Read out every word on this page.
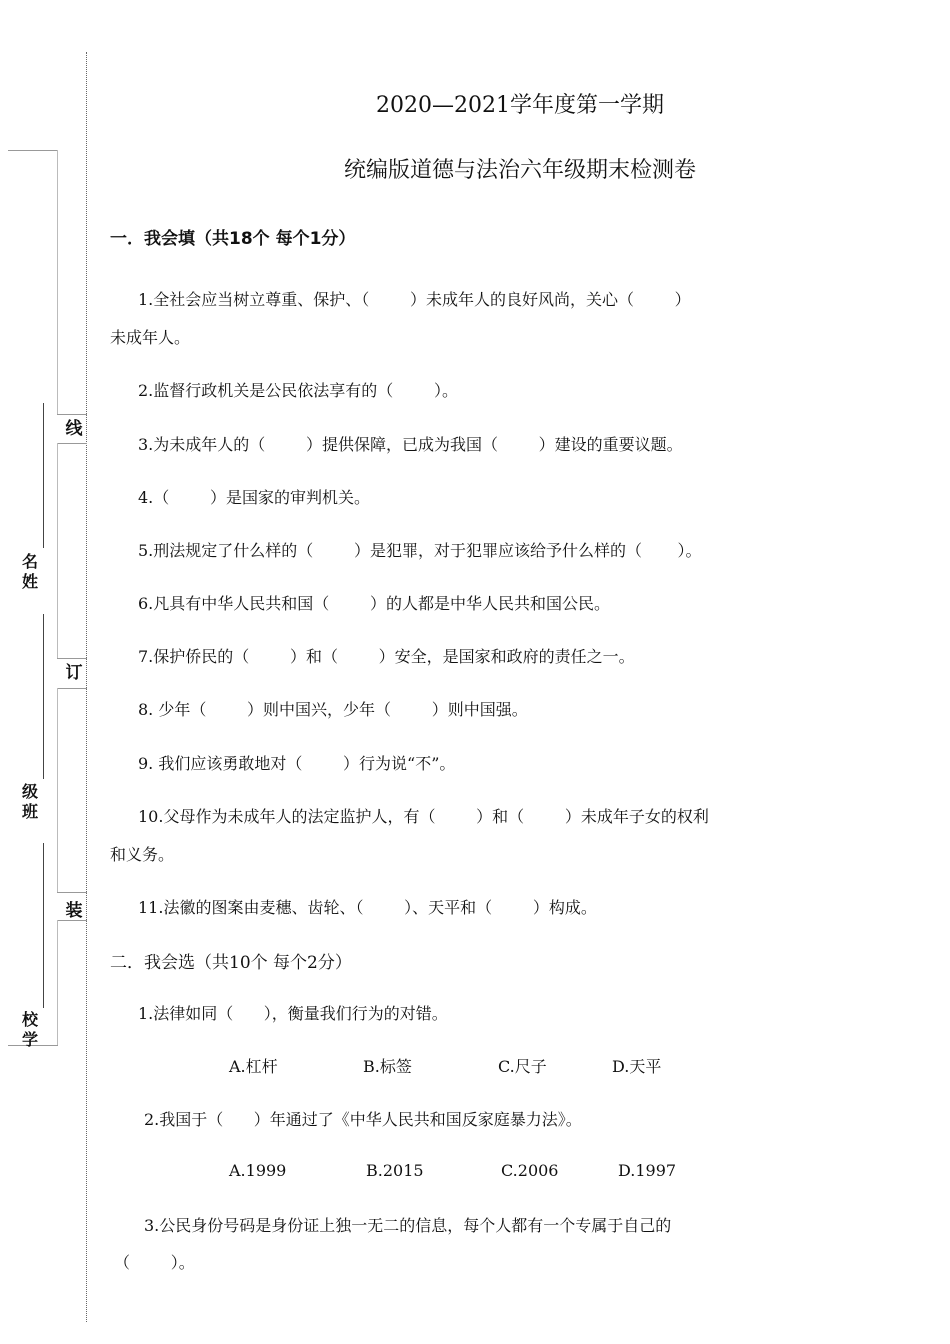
线
订
装
名
姓
级
班
校
学
2020—2021学年度第一学期
统编版道德与法治六年级期末检测卷
一．我会填（共18个 每个1分）
1.全社会应当树立尊重、保护、（        ）未成年人的良好风尚，关心（        ）
未成年人。
2.监督行政机关是公民依法享有的（        ）。
3.为未成年人的（        ）提供保障，已成为我国（        ）建设的重要议题。
4.（        ）是国家的审判机关。
5.刑法规定了什么样的（        ）是犯罪，对于犯罪应该给予什么样的（       ）。
6.凡具有中华人民共和国（        ）的人都是中华人民共和国公民。
7.保护侨民的（        ）和（        ）安全，是国家和政府的责任之一。
8. 少年（        ）则中国兴，少年（        ）则中国强。
9. 我们应该勇敢地对（        ）行为说“不”。
10.父母作为未成年人的法定监护人，有（        ）和（        ）未成年子女的权利
和义务。
11.法徽的图案由麦穗、齿轮、（        ）、天平和（        ）构成。
二．我会选（共10个 每个2分）
1.法律如同（      ），衡量我们行为的对错。
A.杠杆	B.标签	C.尺子	D.天平
2.我国于（      ）年通过了《中华人民共和国反家庭暴力法》。
A.1999	B.2015	C.2006	D.1997
3.公民身份号码是身份证上独一无二的信息，每个人都有一个专属于自己的
（        ）。
